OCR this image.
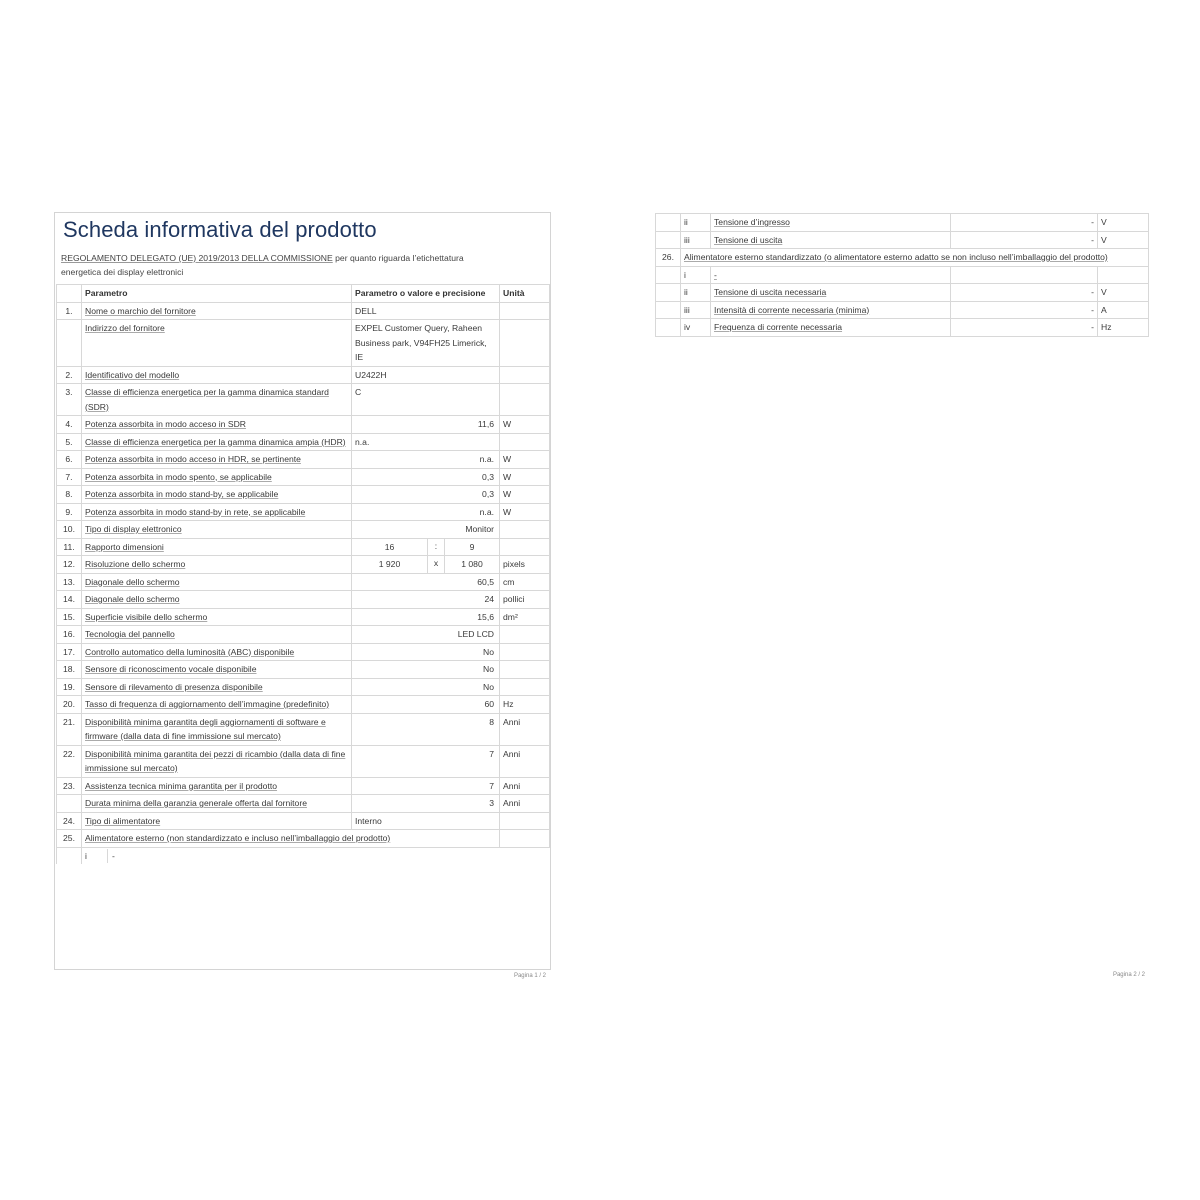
Scheda informativa del prodotto
REGOLAMENTO DELEGATO (UE) 2019/2013 DELLA COMMISSIONE per quanto riguarda l’etichettatura energetica dei display elettronici
	Parametro	Parametro o valore e precisione		Unità
1.	Nome o marchio del fornitore	DELL		
	Indirizzo del fornitore	EXPEL Customer Query, Raheen Business park, V94FH25 Limerick, IE		
2.	Identificativo del modello	U2422H		
3.	Classe di efficienza energetica per la gamma dinamica standard (SDR)	C		
4.	Potenza assorbita in modo acceso in SDR	11,6		W
5.	Classe di efficienza energetica per la gamma dinamica ampia (HDR)	n.a.		
6.	Potenza assorbita in modo acceso in HDR, se pertinente	n.a.		W
7.	Potenza assorbita in modo spento, se applicabile	0,3		W
8.	Potenza assorbita in modo stand-by, se applicabile	0,3		W
9.	Potenza assorbita in modo stand-by in rete, se applicabile	n.a.		W
10.	Tipo di display elettronico	Monitor		
11.	Rapporto dimensioni	16	: 9	

12.	Risoluzione dello schermo	1 920	x 1 080	pixels
13.	Diagonale dello schermo	60,5		cm
14.	Diagonale dello schermo	24		pollici
15.	Superficie visibile dello schermo	15,6		dm²
16.	Tecnologia del pannello	LED LCD		
17.	Controllo automatico della luminosità (ABC) disponibile	No		
18.	Sensore di riconoscimento vocale disponibile	No		
19.	Sensore di rilevamento di presenza disponibile	No		
20.	Tasso di frequenza di aggiornamento dell’immagine (predefinito)	60		Hz
21.	Disponibilità minima garantita degli aggiornamenti di software e firmware (dalla data di fine immissione sul mercato)	8		Anni
22.	Disponibilità minima garantita dei pezzi di ricambio (dalla data di fine immissione sul mercato)	7		Anni
23.	Assistenza tecnica minima garantita per il prodotto	7		Anni
	Durata minima della garanzia generale offerta dal fornitore	3		Anni
24.	Tipo di alimentatore	Interno		
25.	Alimentatore esterno (non standardizzato e incluso nell’imballaggio del prodotto)			
	i -			
Pagina 1 / 2
	ii	Tensione d’ingresso	-	V
	iii	Tensione di uscita	-	V
26.	Alimentatore esterno standardizzato (o alimentatore esterno adatto se non incluso nell’imballaggio del prodotto)			
	i	-		
	ii	Tensione di uscita necessaria	-	V
	iii	Intensità di corrente necessaria (minima)	-	A
	iv	Frequenza di corrente necessaria	-	Hz
Pagina 2 / 2
